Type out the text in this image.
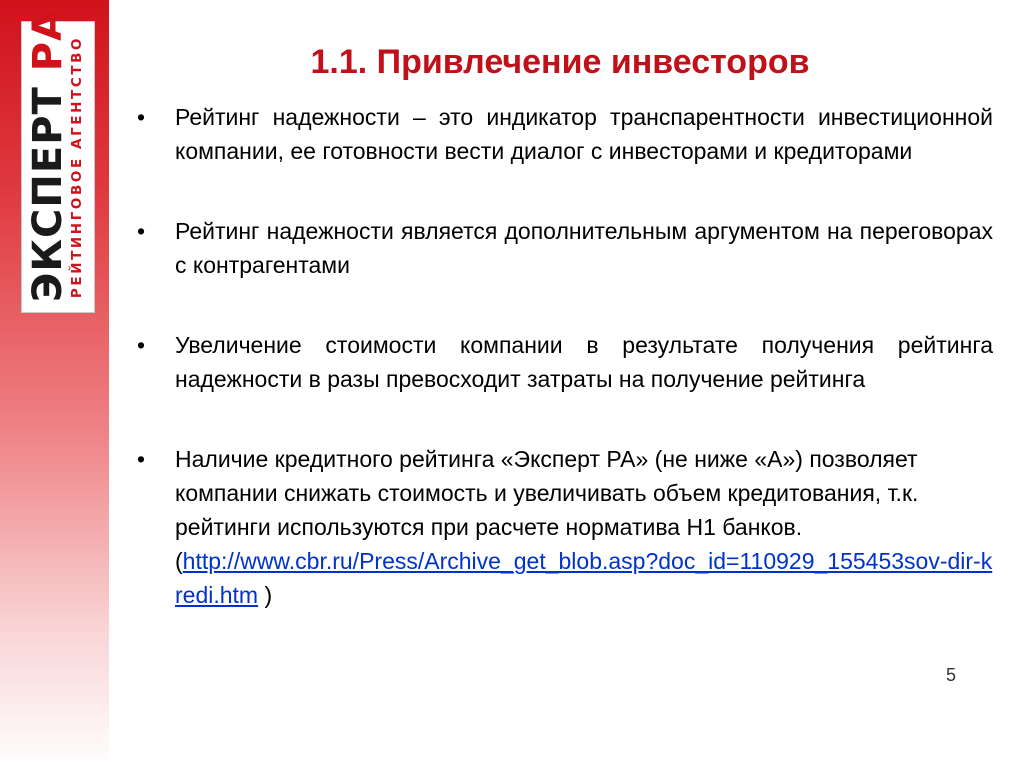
ЭКСПЕРТ РА
РЕЙТИНГОВОЕ АГЕНТСТВО	1.1. Привлечение инвесторов
• Рейтинг надежности – это индикатор транспарентности инвестиционной компании, ее готовности вести диалог с инвесторами и кредиторами
• Рейтинг надежности является дополнительным аргументом на переговорах с контрагентами
• Увеличение стоимости компании в результате получения рейтинга надежности в разы превосходит затраты на получение рейтинга
• Наличие кредитного рейтинга «Эксперт РА» (не ниже «А») позволяет компании снижать стоимость и увеличивать объем кредитования, т.к. рейтинги используются при расчете норматива Н1 банков.
(http://www.cbr.ru/Press/Archive_get_blob.asp?doc_id=110929_155453sov-dir-kredi.htm )
5
